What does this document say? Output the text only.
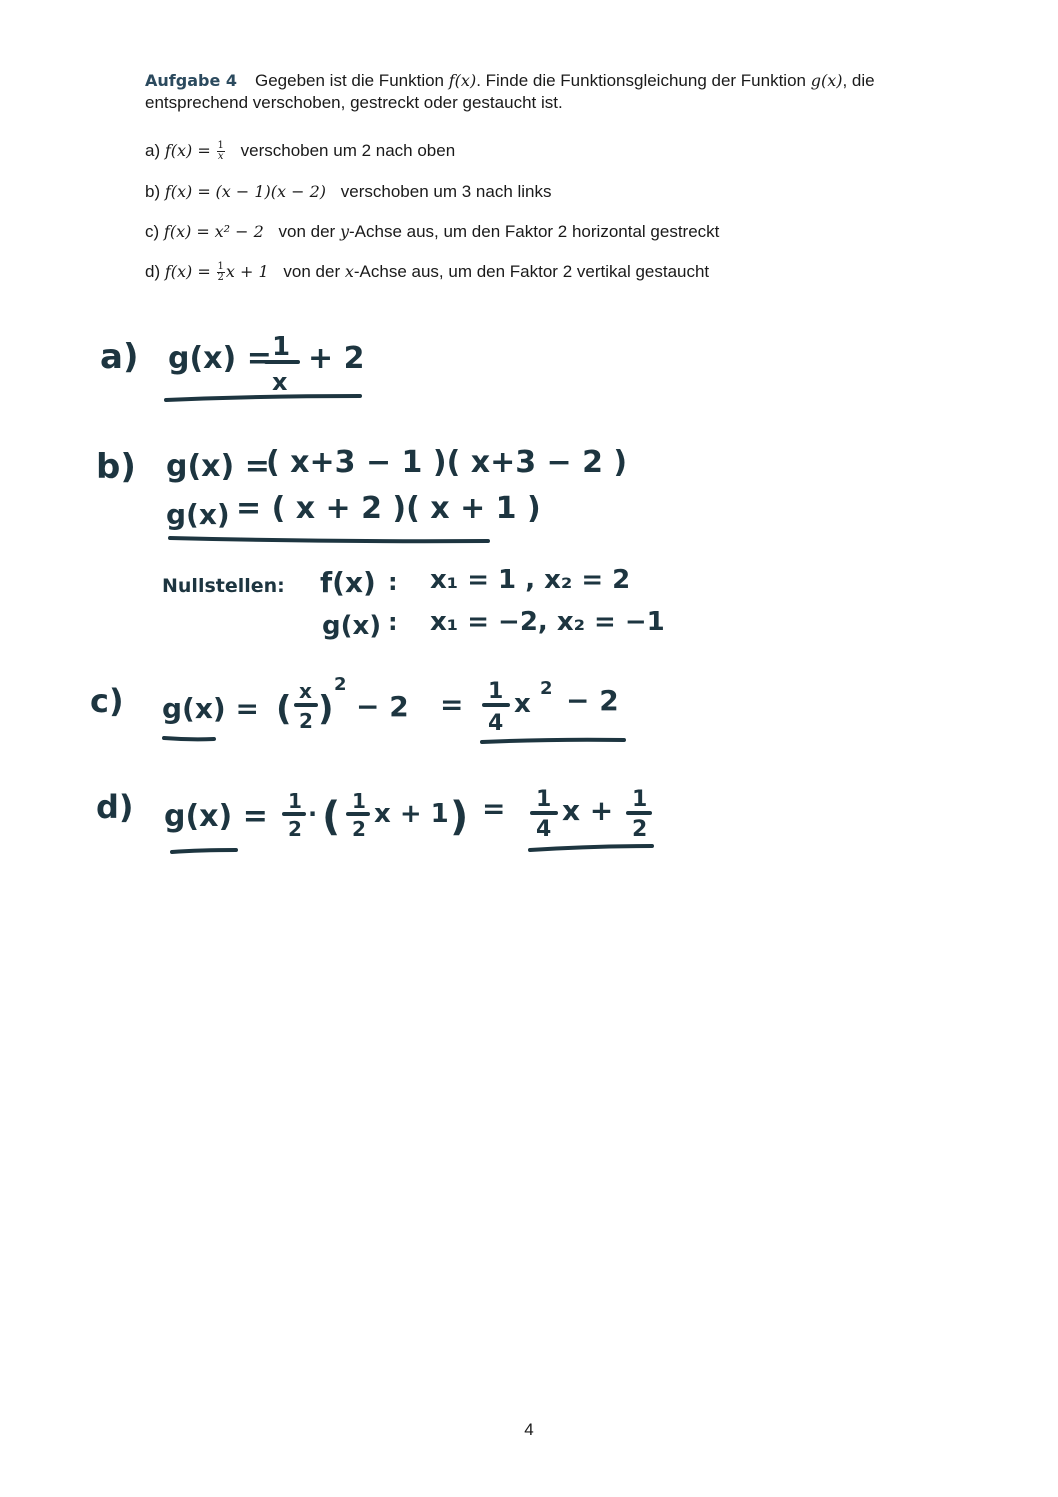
Aufgabe 4 Gegeben ist die Funktion f(x). Finde die Funktionsgleichung der Funktion g(x), die entsprechend verschoben, gestreckt oder gestaucht ist.
a) $f(x) = \frac{1}{x}$ verschoben um 2 nach oben
b) f(x) = (x − 1)(x − 2) verschoben um 3 nach links
c) f(x) = x² − 2 von der y-Achse aus, um den Faktor 2 horizontal gestreckt
d) $f(x) = \frac{1}{2}$ x + 1 von der x-Achse aus, um den Faktor 2 vertikal gestaucht
a) g(x) = 1
x
+ 2
b) g(x) =
( x+3 − 1 )( x+3 − 2 )
g(x) = ( x + 2 )( x + 1 )
Nullstellen: f(x) : x₁ = 1 , x₂ = 2
g(x) : x₁ = −2, x₂ = −1
c) g(x) = ( x
2 )
2
− 2 = 1
4
x
2 − 2
d) g(x) = 1
2
· ( 1
2 x + 1 ) = 1
4
x + 1
2
4
